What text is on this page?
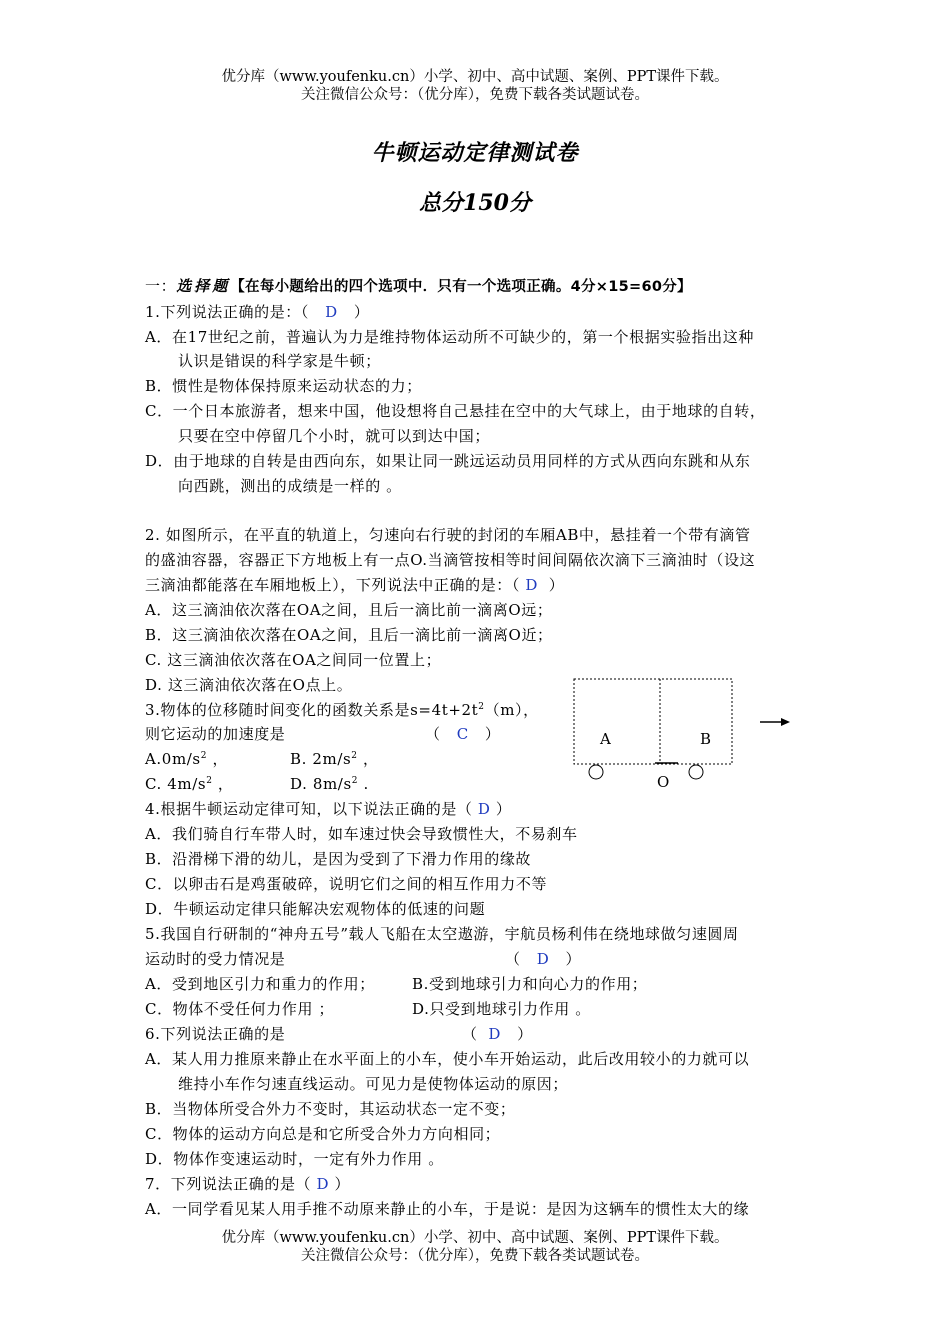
优分库（www.youfenku.cn）小学、初中、高中试题、案例、PPT课件下载。
关注微信公众号：（优分库），免费下载各类试题试卷。
牛顿运动定律测试卷
总分150分
一：选择题【在每小题给出的四个选项中．只有一个选项正确。4分×15=60分】
1.下列说法正确的是：（ D ）
A．在17世纪之前，普遍认为力是维持物体运动所不可缺少的，第一个根据实验指出这种
认识是错误的科学家是牛顿；
B．惯性是物体保持原来运动状态的力；
C．一个日本旅游者，想来中国，他设想将自己悬挂在空中的大气球上，由于地球的自转，
只要在空中停留几个小时，就可以到达中国；
D．由于地球的自转是由西向东，如果让同一跳远运动员用同样的方式从西向东跳和从东
向西跳，测出的成绩是一样的 。
2. 如图所示，在平直的轨道上，匀速向右行驶的封闭的车厢AB中，悬挂着一个带有滴管
的盛油容器，容器正下方地板上有一点O.当滴管按相等时间间隔依次滴下三滴油时（设这
三滴油都能落在车厢地板上），下列说法中正确的是：（ D ）
A．这三滴油依次落在OA之间，且后一滴比前一滴离O远；
B．这三滴油依次落在OA之间，且后一滴比前一滴离O近；
C. 这三滴油依次落在OA之间同一位置上；
D. 这三滴油依次落在O点上。
A	B
O
3.物体的位移随时间变化的函数关系是$s=4t+2t^2(m)$，
则它运动的加速度是	（ C ）
$A.0m/s^2$ ，	B. $2m/s^2$ ，
C. $4m/s^2$ ，	D. $8m/s^2$ .
4.根据牛顿运动定律可知，以下说法正确的是（ D ）
A．我们骑自行车带人时，如车速过快会导致惯性大，不易刹车
B．沿滑梯下滑的幼儿，是因为受到了下滑力作用的缘故
C．以卵击石是鸡蛋破碎，说明它们之间的相互作用力不等
D．牛顿运动定律只能解决宏观物体的低速的问题
5.我国自行研制的“神舟五号”载人飞船在太空遨游，宇航员杨利伟在绕地球做匀速圆周
运动时的受力情况是	（ D ）
A．受到地区引力和重力的作用； B.受到地球引力和向心力的作用；
C．物体不受任何力作用 ；	D.只受到地球引力作用 。
6.下列说法正确的是	（ D ）
A．某人用力推原来静止在水平面上的小车，使小车开始运动，此后改用较小的力就可以
维持小车作匀速直线运动。可见力是使物体运动的原因；
B．当物体所受合外力不变时，其运动状态一定不变；
C．物体的运动方向总是和它所受合外力方向相同；
D．物体作变速运动时，一定有外力作用 。
7．下列说法正确的是（ D ）
A．一同学看见某人用手推不动原来静止的小车，于是说：是因为这辆车的惯性太大的缘
优分库（www.youfenku.cn）小学、初中、高中试题、案例、PPT课件下载。
关注微信公众号：（优分库），免费下载各类试题试卷。
